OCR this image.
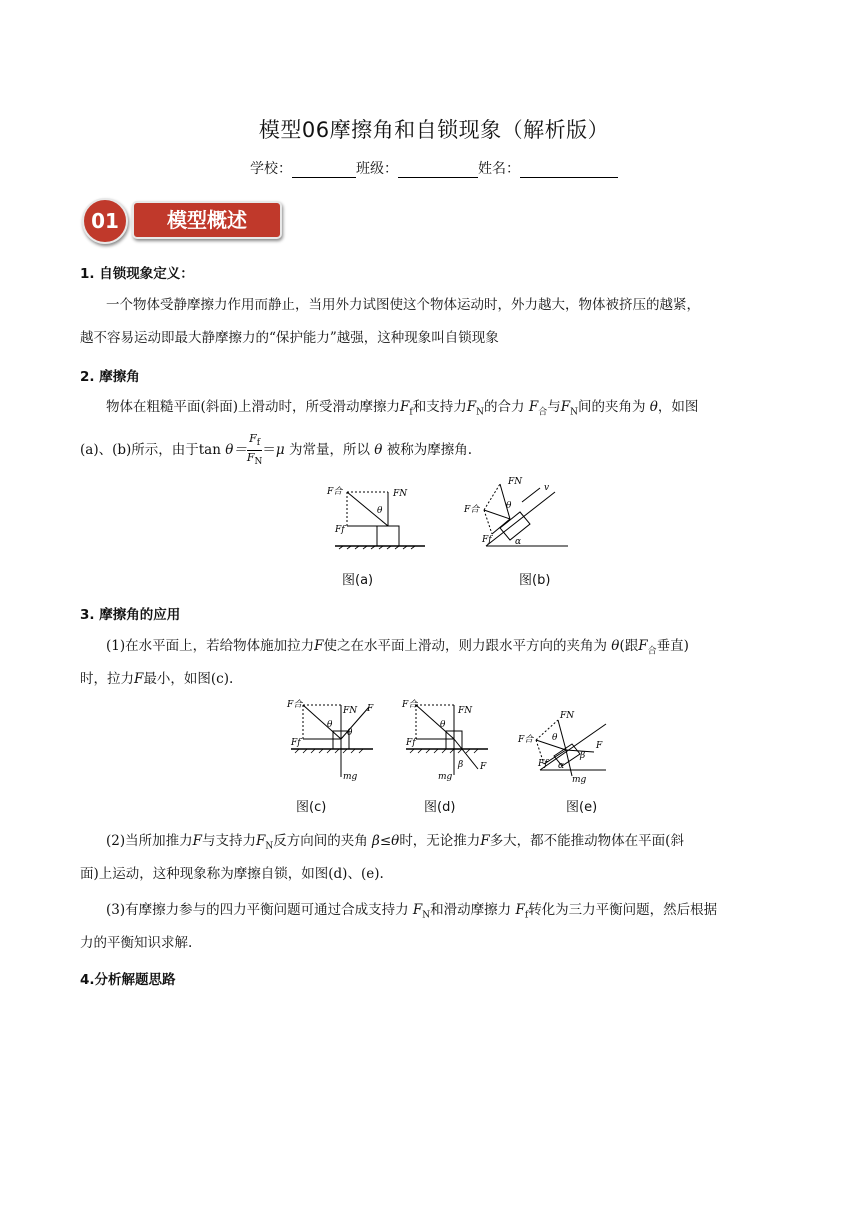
模型06摩擦角和自锁现象（解析版）
学校：	班级：	姓名：
01	模型概述
1. 自锁现象定义：
一个物体受静摩擦力作用而静止，当用外力试图使这个物体运动时，外力越大，物体被挤压的越紧，
越不容易运动即最大静摩擦力的“保护能力”越强，这种现象叫自锁现象
2. 摩擦角
物体在粗糙平面(斜面)上滑动时，所受滑动摩擦力$F_f$和支持力$F_N$的合力 $F_合$与$F_N$间的夹角为 θ，如图
(a)、(b)所示，由于$\tan \theta= \frac{F_f}{F_N}=\mu$ 为常量，所以 θ 被称为摩擦角.
F合	FN
Ff
θ
图(a)
FN
v
F合	θ
Ff	α
图(b)
3. 摩擦角的应用
(1)在水平面上，若给物体施加拉力F使之在水平面上滑动，则力跟水平方向的夹角为 θ(跟$F_合$垂直)
时，拉力F最小，如图(c).
F合
FN F
Ff
θ
θ
mg
图(c)
F合
FN
Ff
θ
β F
mg
图(d)
FN
F合 θ
F
β
Ff α
mg
图(e)
(2)当所加推力F与支持力$F_N$反方向间的夹角 β≤θ时，无论推力F多大，都不能推动物体在平面(斜
面)上运动，这种现象称为摩擦自锁，如图(d)、(e).
(3)有摩擦力参与的四力平衡问题可通过合成支持力 $F_N$和滑动摩擦力 $F_f$转化为三力平衡问题，然后根据
力的平衡知识求解.
4.分析解题思路
